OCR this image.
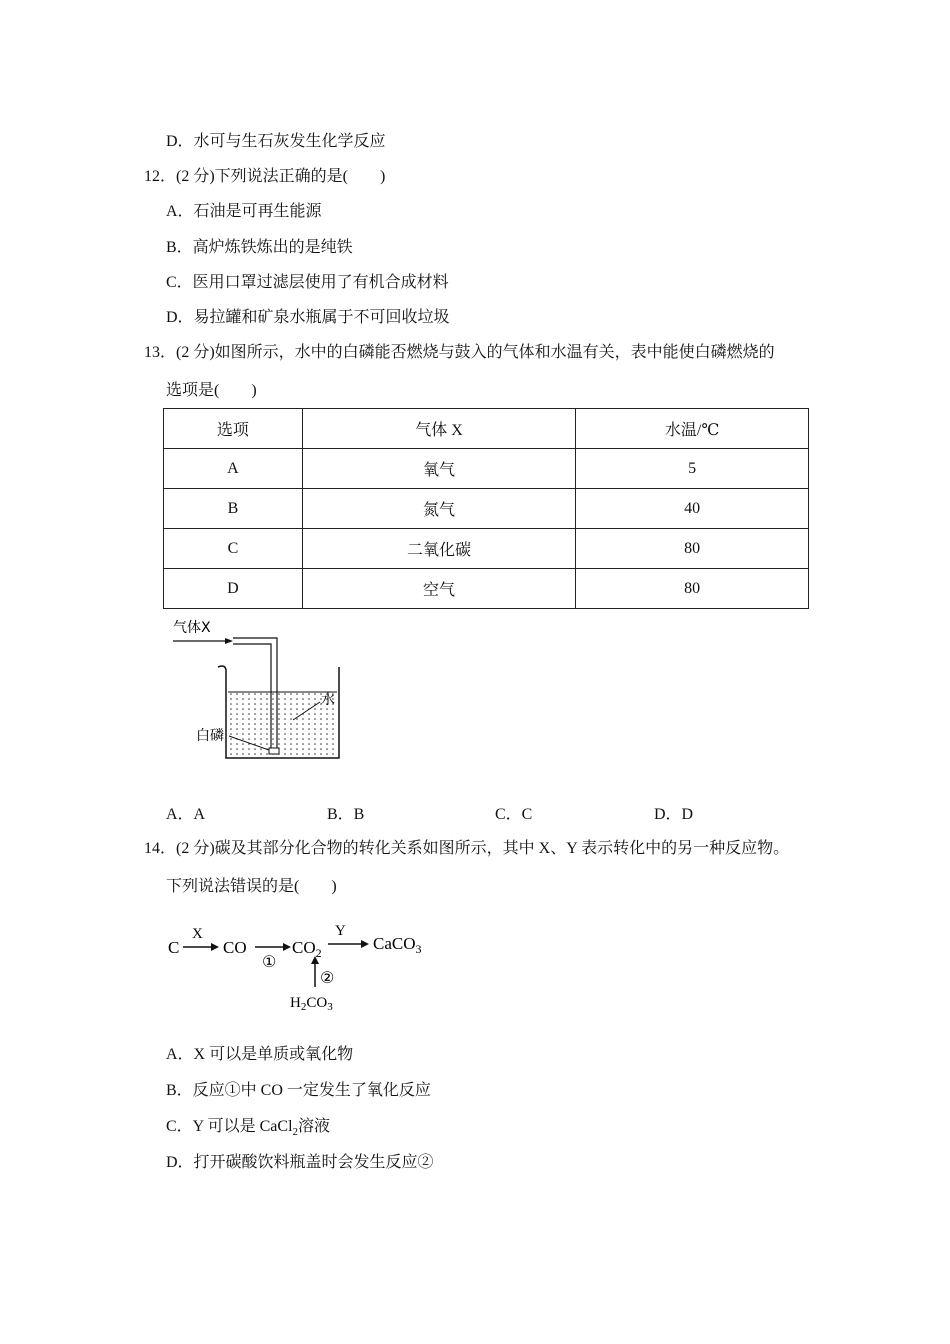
D．水可与生石灰发生化学反应
12．(2 分)下列说法正确的是(　　)
A．石油是可再生能源
B．高炉炼铁炼出的是纯铁
C．医用口罩过滤层使用了有机合成材料
D．易拉罐和矿泉水瓶属于不可回收垃圾
13．(2 分)如图所示，水中的白磷能否燃烧与鼓入的气体和水温有关，表中能使白磷燃烧的
选项是(　　)
选项	气体 X	水温/℃
A	氧气	5
B	氮气	40
C	二氧化碳	80
D	空气	80
气体X
水
白磷
A．A	B．B	C．C	D．D
14．(2 分)碳及其部分化合物的转化关系如图所示，其中 X、Y 表示转化中的另一种反应物。
下列说法错误的是(　　)
C
X
CO
①
$CO_2$
Y
CaCO$_3$
②
$H_2CO_3$
A．X 可以是单质或氧化物
B．反应①中 CO 一定发生了氧化反应
C．Y 可以是 CaCl$_2$溶液
D．打开碳酸饮料瓶盖时会发生反应②
